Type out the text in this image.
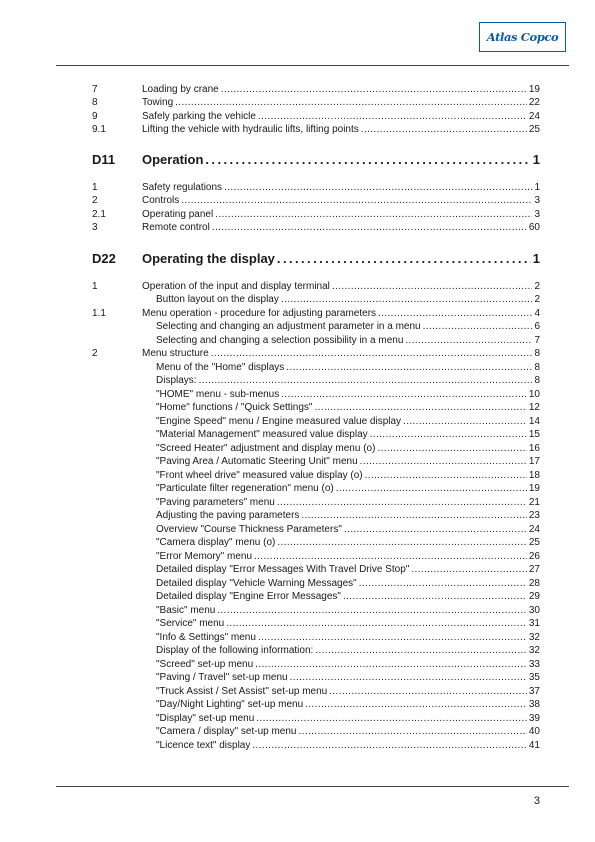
Atlas Copco
7	Loading by crane . . .	19
8	Towing . . .	22
9	Safely parking the vehicle . . .	24
9.1	Lifting the vehicle with hydraulic lifts, lifting points . . .	25
D11 Operation . . .	1
1	Safety regulations . . .	1
2	Controls . . .	3
2.1	Operating panel . . .	3
3	Remote control . . .	60
D22 Operating the display . . .	1
1	Operation of the input and display terminal . . .	2
Button layout on the display . . .	2
1.1	Menu operation - procedure for adjusting parameters . . .	4
Selecting and changing an adjustment parameter in a menu . . .	6
Selecting and changing a selection possibility in a menu . . .	7
2	Menu structure . . .	8
Menu of the "Home" displays . . .	8
Displays: . . .	8
"HOME" menu - sub-menus . . .	10
"Home" functions / "Quick Settings" . . .	12
"Engine Speed" menu / Engine measured value display . . .	14
"Material Management" measured value display . . .	15
"Screed Heater" adjustment and display menu (o) . . .	16
"Paving Area / Automatic Steering Unit" menu . . .	17
"Front wheel drive" measured value display (o) . . .	18
"Particulate filter regeneration" menu (o) . . .	19
"Paving parameters" menu . . .	21
Adjusting the paving parameters . . .	23
Overview "Course Thickness Parameters" . . .	24
"Camera display" menu (o) . . .	25
"Error Memory" menu . . .	26
Detailed display "Error Messages With Travel Drive Stop" . . .	27
Detailed display "Vehicle Warning Messages" . . .	28
Detailed display "Engine Error Messages" . . .	29
"Basic" menu . . .	30
"Service" menu . . .	31
"Info & Settings" menu . . .	32
Display of the following information: . . .	32
"Screed" set-up menu . . .	33
"Paving / Travel" set-up menu . . .	35
"Truck Assist / Set Assist" set-up menu . . .	37
"Day/Night Lighting" set-up menu . . .	38
"Display" set-up menu . . .	39
"Camera / display" set-up menu . . .	40
"Licence text" display . . .	41
3
